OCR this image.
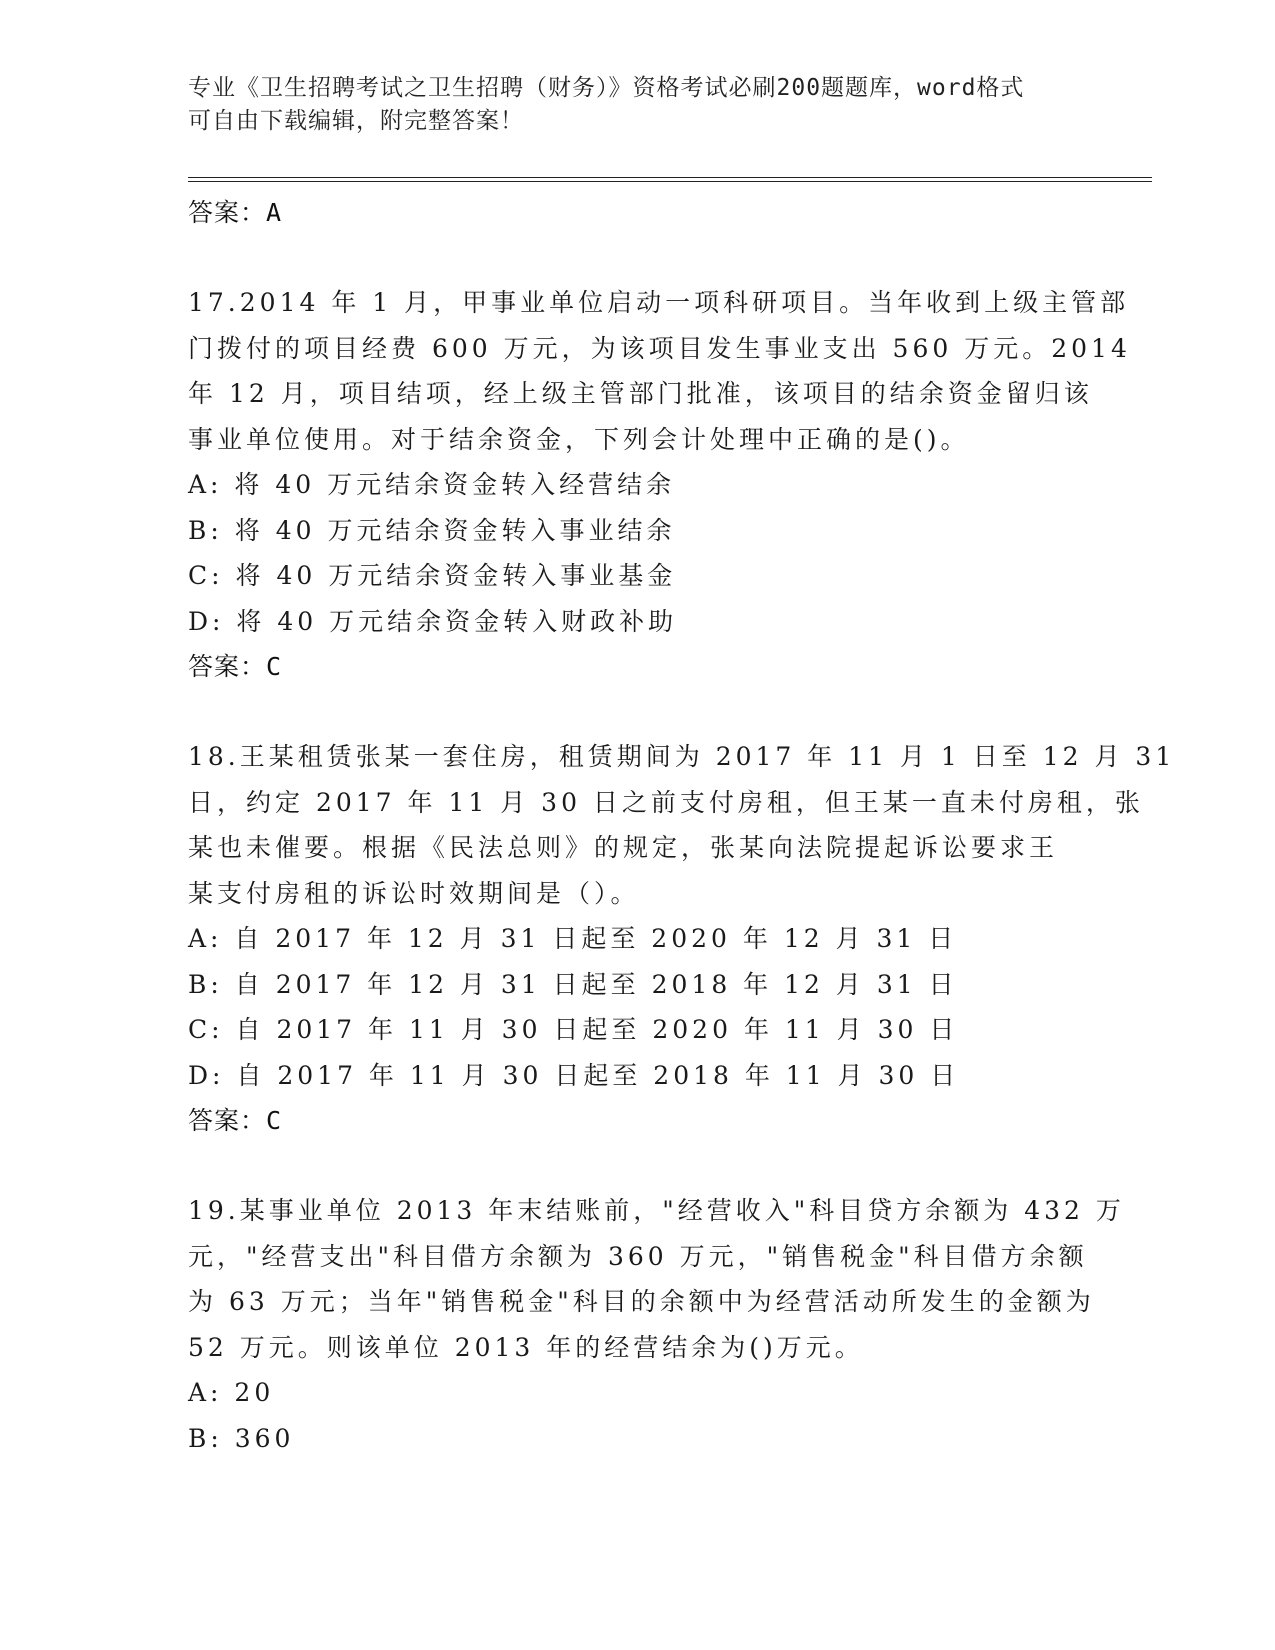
专业《卫生招聘考试之卫生招聘（财务）》资格考试必刷200题题库，word格式
可自由下载编辑，附完整答案！
答案：A
17.2014 年 1 月，甲事业单位启动一项科研项目。当年收到上级主管部
门拨付的项目经费 600 万元，为该项目发生事业支出 560 万元。2014
年 12 月，项目结项，经上级主管部门批准，该项目的结余资金留归该
事业单位使用。对于结余资金，下列会计处理中正确的是()。
A: 将 40 万元结余资金转入经营结余
B: 将 40 万元结余资金转入事业结余
C: 将 40 万元结余资金转入事业基金
D: 将 40 万元结余资金转入财政补助
答案：C
18.王某租赁张某一套住房，租赁期间为 2017 年 11 月 1 日至 12 月 31
日，约定 2017 年 11 月 30 日之前支付房租，但王某一直未付房租，张
某也未催要。根据《民法总则》的规定，张某向法院提起诉讼要求王
某支付房租的诉讼时效期间是（）。
A: 自 2017 年 12 月 31 日起至 2020 年 12 月 31 日
B: 自 2017 年 12 月 31 日起至 2018 年 12 月 31 日
C: 自 2017 年 11 月 30 日起至 2020 年 11 月 30 日
D: 自 2017 年 11 月 30 日起至 2018 年 11 月 30 日
答案：C
19.某事业单位 2013 年末结账前，"经营收入"科目贷方余额为 432 万
元，"经营支出"科目借方余额为 360 万元，"销售税金"科目借方余额
为 63 万元；当年"销售税金"科目的余额中为经营活动所发生的金额为
52 万元。则该单位 2013 年的经营结余为()万元。
A: 20
B: 360
